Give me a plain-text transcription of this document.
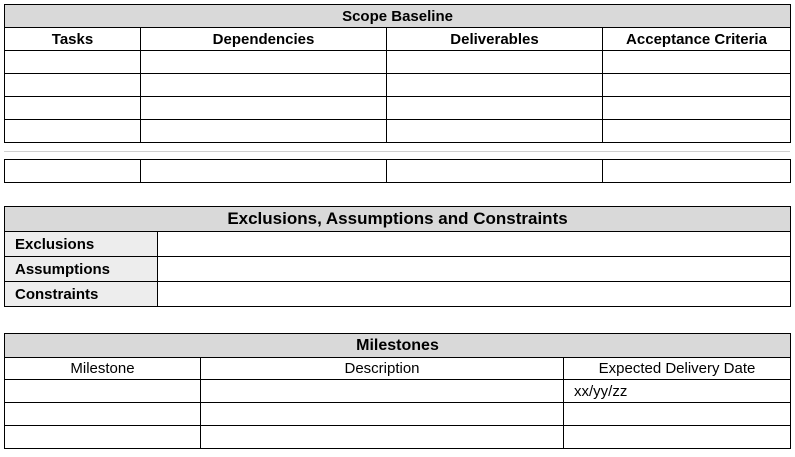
Scope Baseline			
Tasks	Dependencies	Deliverables	Acceptance Criteria

Exclusions, Assumptions and Constraints	
Exclusions	
Assumptions	
Constraints	
Milestones		
Milestone	Description	Expected Delivery Date
		xx/yy/zz
